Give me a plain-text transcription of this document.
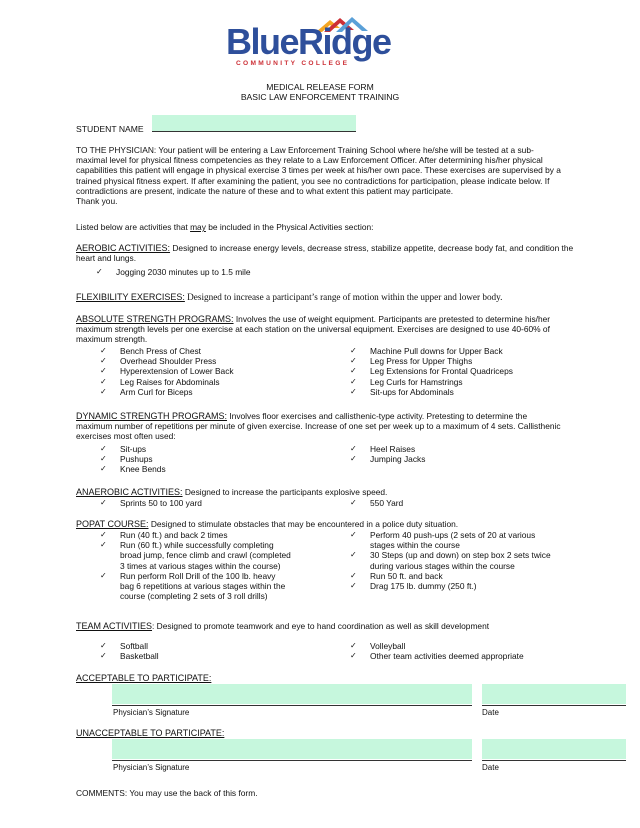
BlueRidge
COMMUNITY COLLEGE
MEDICAL RELEASE FORM
BASIC LAW ENFORCEMENT TRAINING
STUDENT NAME
TO THE PHYSICIAN: Your patient will be entering a Law Enforcement Training School where he/she will be tested at a sub-
maximal level for physical fitness competencies as they relate to a Law Enforcement Officer. After determining his/her physical
capabilities this patient will engage in physical exercise 3 times per week at his/her own pace. These exercises are supervised by a
trained physical fitness expert. If after examining the patient, you see no contradictions for participation, please indicate below. If
contradictions are present, indicate the nature of these and to what extent this patient may participate.
Thank you.
Listed below are activities that may be included in the Physical Activities section:
AEROBIC ACTIVITIES: Designed to increase energy levels, decrease stress, stabilize appetite, decrease body fat, and condition the
heart and lungs.
✓ Jogging 2030 minutes up to 1.5 mile
FLEXIBILITY EXERCISES: Designed to increase a participant’s range of motion within the upper and lower body.
ABSOLUTE STRENGTH PROGRAMS: Involves the use of weight equipment. Participants are pretested to determine his/her
maximum strength levels per one exercise at each station on the universal equipment. Exercises are designed to use 40-60% of
maximum strength.
✓ Bench Press of Chest
✓ Overhead Shoulder Press
✓ Hyperextension of Lower Back
✓ Leg Raises for Abdominals
✓ Arm Curl for Biceps
✓ Machine Pull downs for Upper Back
✓ Leg Press for Upper Thighs
✓ Leg Extensions for Frontal Quadriceps
✓ Leg Curls for Hamstrings
✓ Sit-ups for Abdominals
DYNAMIC STRENGTH PROGRAMS: Involves floor exercises and callisthenic-type activity. Pretesting to determine the
maximum number of repetitions per minute of given exercise. Increase of one set per week up to a maximum of 4 sets. Callisthenic
exercises most often used:
✓ Sit-ups
✓ Pushups
✓ Knee Bends
✓ Heel Raises
✓ Jumping Jacks
ANAEROBIC ACTIVITIES: Designed to increase the participants explosive speed.
✓ Sprints 50 to 100 yard
✓	550 Yard
POPAT COURSE: Designed to stimulate obstacles that may be encountered in a police duty situation.
✓ Run (40 ft.) and back 2 times
✓ Run (60 ft.) while successfully completing
broad jump, fence climb and crawl (completed
3 times at various stages within the course)
✓ Run perform Roll Drill of the 100 lb. heavy
bag 6 repetitions at various stages within the
course (completing 2 sets of 3 roll drills)
✓ Perform 40 push-ups (2 sets of 20 at various
stages within the course
✓ 30 Steps (up and down) on step box 2 sets twice
during various stages within the course
✓ Run 50 ft. and back
✓ Drag 175 lb. dummy (250 ft.)
TEAM ACTIVITIES: Designed to promote teamwork and eye to hand coordination as well as skill development
✓ Softball
✓ Basketball
✓ Volleyball
✓ Other team activities deemed appropriate
ACCEPTABLE TO PARTICIPATE:
Physician’s Signature	Date
UNACCEPTABLE TO PARTICIPATE:
Physician’s Signature	Date
COMMENTS: You may use the back of this form.
